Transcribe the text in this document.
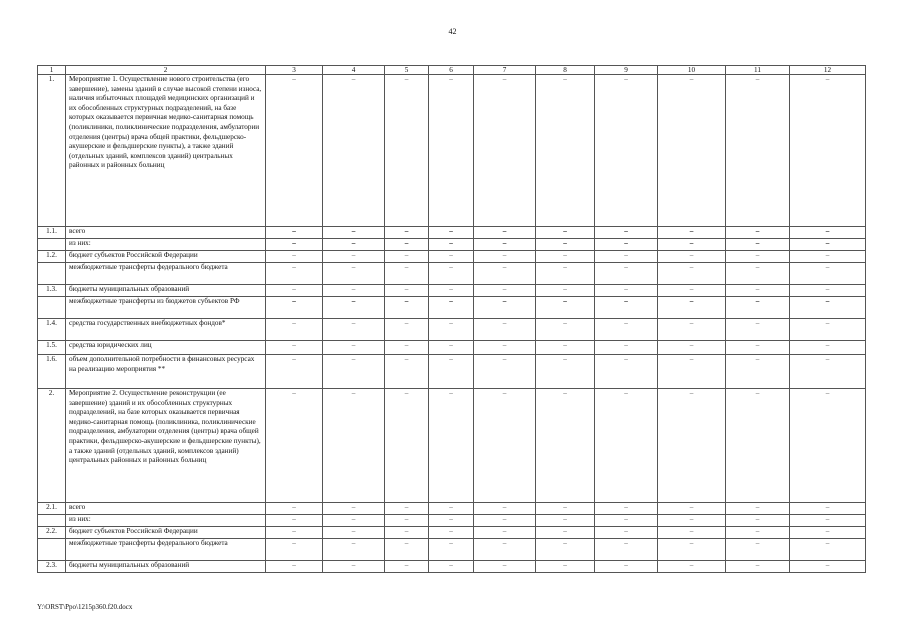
42
1	2	3	4	5	6	7	8	9	10	11	12
1.	Мероприятие 1. Осуществление нового строительства (его завершение), замены зданий в случае высокой степени износа, наличия избыточных площадей медицинских организаций и их обособленных структурных подразделений, на базе которых оказывается первичная медико-санитарная помощь (поликлиники, поликлинические подразделения, амбулатории отделения (центры) врача общей практики, фельдшерско-акушерские и фельдшерские пункты), а также зданий (отдельных зданий, комплексов зданий) центральных районных и районных больниц	–	–	–	–	–	–	–	–	–	–
1.1.	всего	–	–	–	–	–	–	–	–	–	–
	из них:	–	–	–	–	–	–	–	–	–	–
1.2.	бюджет субъектов Российской Федерации	–	–	–	–	–	–	–	–	–	–
	межбюджетные трансферты федерального бюджета	–	–	–	–	–	–	–	–	–	–
1.3.	бюджеты муниципальных образований	–	–	–	–	–	–	–	–	–	–
	межбюджетные трансферты из бюджетов субъектов РФ	–	–	–	–	–	–	–	–	–	–
1.4.	средства государственных внебюджетных фондов*	–	–	–	–	–	–	–	–	–	–
1.5.	средства юридических лиц	–	–	–	–	–	–	–	–	–	–
1.6.	объем дополнительной потребности в финансовых ресурсах на реализацию мероприятия **	–	–	–	–	–	–	–	–	–	–
2.	Мероприятие 2. Осуществление реконструкции (ее завершение) зданий и их обособленных структурных подразделений, на базе которых оказывается первичная медико-санитарная помощь (поликлиника, поликлинические подразделения, амбулатории отделения (центры) врача общей практики, фельдшерско-акушерские и фельдшерские пункты), а также зданий (отдельных зданий, комплексов зданий) центральных районных и районных больниц	–	–	–	–	–	–	–	–	–	–
2.1.	всего	–	–	–	–	–	–	–	–	–	–
	из них:	–	–	–	–	–	–	–	–	–	–
2.2.	бюджет субъектов Российской Федерации	–	–	–	–	–	–	–	–	–	–
	межбюджетные трансферты федерального бюджета	–	–	–	–	–	–	–	–	–	–
2.3.	бюджеты муниципальных образований	–	–	–	–	–	–	–	–	–	–
Y:\ORST\Ppo\1215p360.f20.docx
